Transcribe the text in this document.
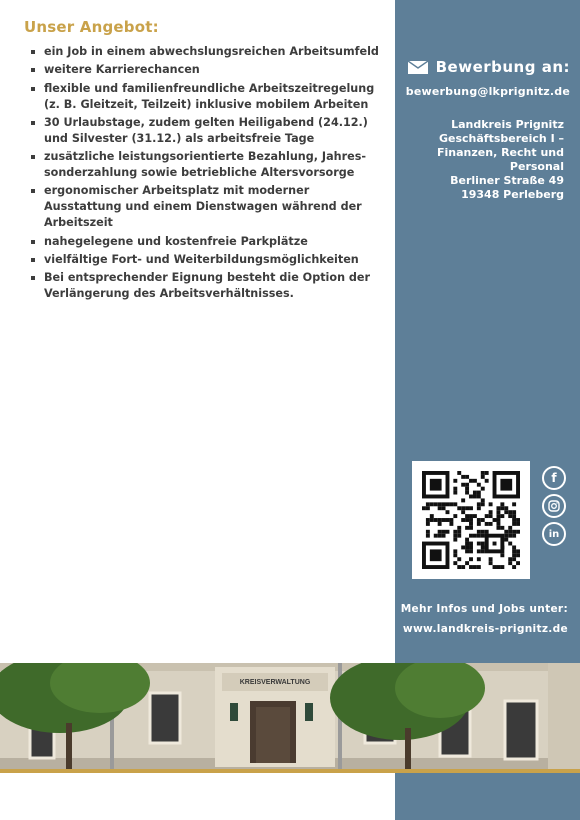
Unser Angebot:
ein Job in einem abwechslungsreichen Arbeitsumfeld
weitere Karrierechancen
flexible und familienfreundliche Arbeitszeitregelung (z. B. Gleitzeit, Teilzeit) inklusive mobilem Arbeiten
30 Urlaubstage, zudem gelten Heiligabend (24.12.) und Silvester (31.12.) als arbeitsfreie Tage
zusätzliche leistungsorientierte Bezahlung, Jahres-sonderzahlung sowie betriebliche Altersvorsorge
ergonomischer Arbeitsplatz mit moderner Ausstattung und einem Dienstwagen während der Arbeitszeit
nahegelegene und kostenfreie Parkplätze
vielfältige Fort- und Weiterbildungsmöglichkeiten
Bei entsprechender Eignung besteht die Option der Verlängerung des Arbeitsverhältnisses.
Bewerbung an:
bewerbung@lkprignitz.de
Landkreis Prignitz
Geschäftsbereich I –
Finanzen, Recht und
Personal
Berliner Straße 49
19348 Perleberg
f
in
Mehr Infos und Jobs unter:
www.landkreis-prignitz.de
KREISVERWALTUNG
